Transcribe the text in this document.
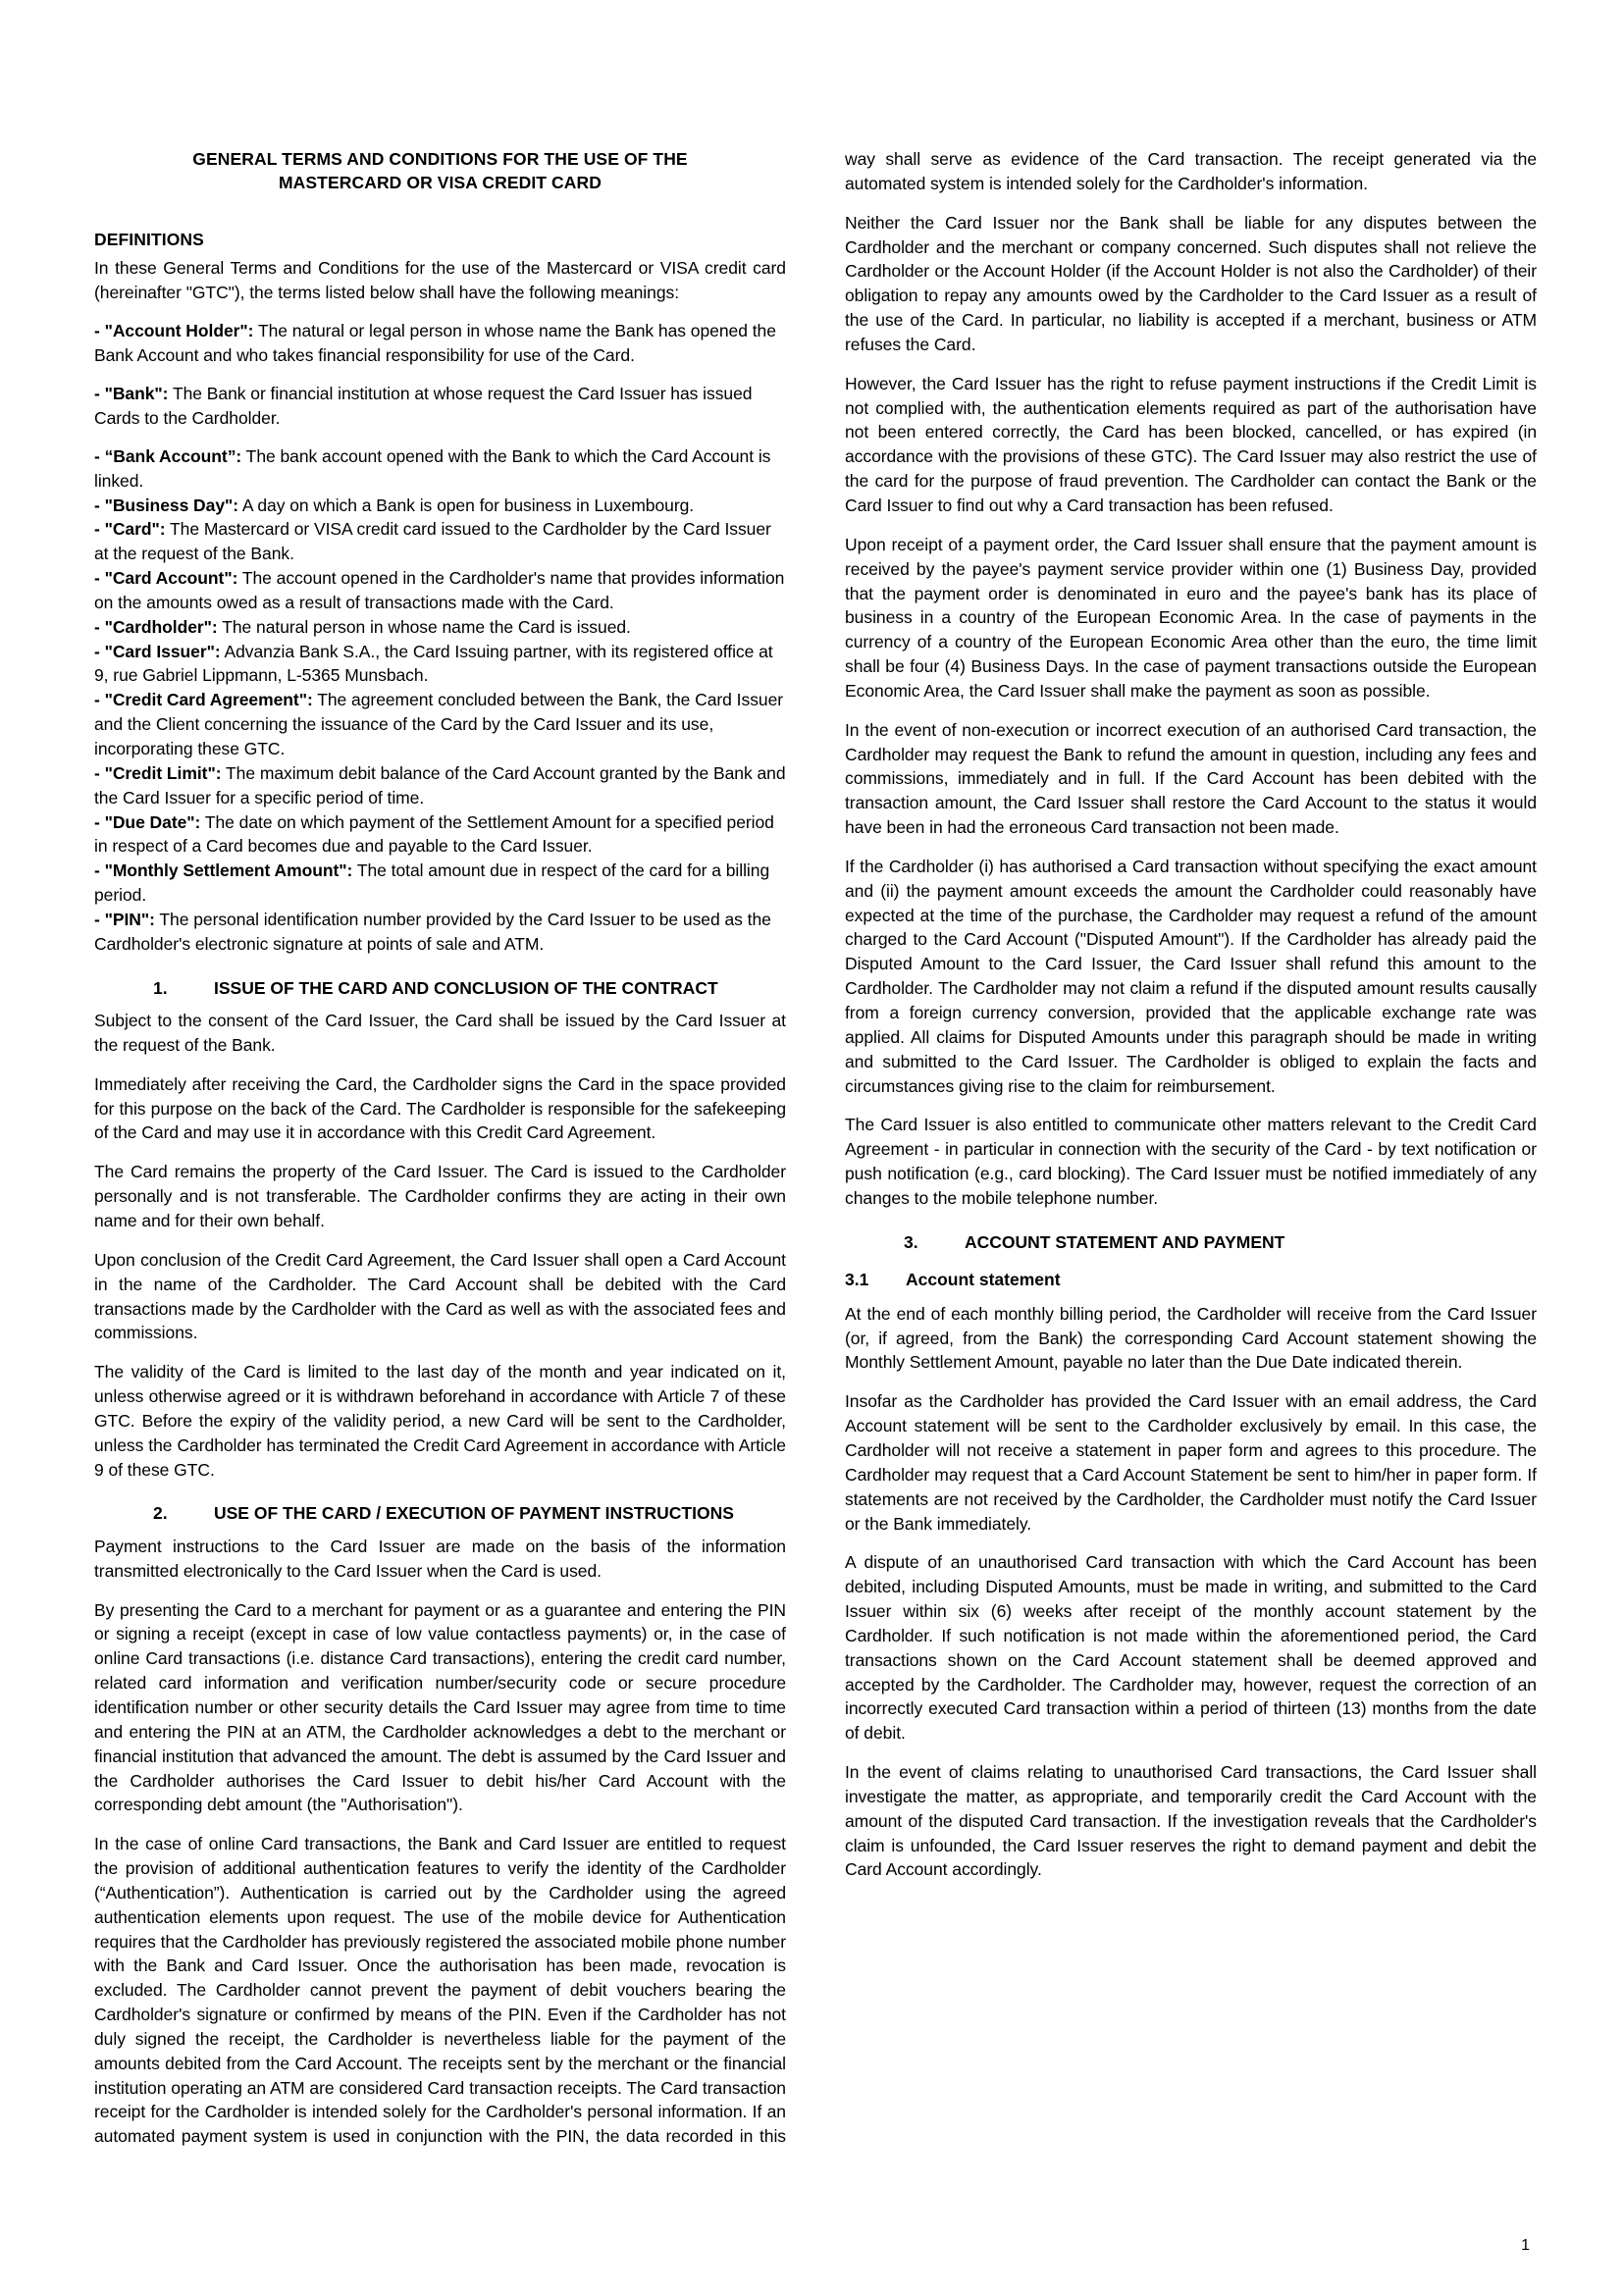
GENERAL TERMS AND CONDITIONS FOR THE USE OF THE
MASTERCARD OR VISA CREDIT CARD
DEFINITIONS

In these General Terms and Conditions for the use of the Mastercard or VISA credit card (hereinafter "GTC"), the terms listed below shall have the following meanings:

- "Account Holder": The natural or legal person in whose name the Bank has opened the Bank Account and who takes financial responsibility for use of the Card.

- "Bank": The Bank or financial institution at whose request the Card Issuer has issued Cards to the Cardholder.

- “Bank Account”: The bank account opened with the Bank to which the Card Account is linked.

- "Business Day": A day on which a Bank is open for business in Luxembourg.

- "Card": The Mastercard or VISA credit card issued to the Cardholder by the Card Issuer at the request of the Bank.

- "Card Account": The account opened in the Cardholder's name that provides information on the amounts owed as a result of transactions made with the Card.

- "Cardholder": The natural person in whose name the Card is issued.

- "Card Issuer": Advanzia Bank S.A., the Card Issuing partner, with its registered office at 9, rue Gabriel Lippmann, L-5365 Munsbach.

- "Credit Card Agreement": The agreement concluded between the Bank, the Card Issuer and the Client concerning the issuance of the Card by the Card Issuer and its use, incorporating these GTC.

- "Credit Limit": The maximum debit balance of the Card Account granted by the Bank and the Card Issuer for a specific period of time.

- "Due Date": The date on which payment of the Settlement Amount for a specified period in respect of a Card becomes due and payable to the Card Issuer.

- "Monthly Settlement Amount": The total amount due in respect of the card for a billing period.

- "PIN": The personal identification number provided by the Card Issuer to be used as the Cardholder's electronic signature at points of sale and ATM.

1.	ISSUE OF THE CARD AND CONCLUSION OF THE CONTRACT

Subject to the consent of the Card Issuer, the Card shall be issued by the Card Issuer at the request of the Bank.

Immediately after receiving the Card, the Cardholder signs the Card in the space provided for this purpose on the back of the Card. The Cardholder is responsible for the safekeeping of the Card and may use it in accordance with this Credit Card Agreement.

The Card remains the property of the Card Issuer. The Card is issued to the Cardholder personally and is not transferable. The Cardholder confirms they are acting in their own name and for their own behalf.

Upon conclusion of the Credit Card Agreement, the Card Issuer shall open a Card Account in the name of the Cardholder. The Card Account shall be debited with the Card transactions made by the Cardholder with the Card as well as with the associated fees and commissions.

The validity of the Card is limited to the last day of the month and year indicated on it, unless otherwise agreed or it is withdrawn beforehand in accordance with Article 7 of these GTC. Before the expiry of the validity period, a new Card will be sent to the Cardholder, unless the Cardholder has terminated the Credit Card Agreement in accordance with Article 9 of these GTC.

2.	USE OF THE CARD / EXECUTION OF PAYMENT INSTRUCTIONS

Payment instructions to the Card Issuer are made on the basis of the information transmitted electronically to the Card Issuer when the Card is used.

By presenting the Card to a merchant for payment or as a guarantee and entering the PIN or signing a receipt (except in case of low value contactless payments) or, in the case of online Card transactions (i.e. distance Card transactions), entering the credit card number, related card information and verification number/security code or secure procedure identification number or other security details the Card Issuer may agree from time to time and entering the PIN at an ATM, the Cardholder acknowledges a debt to the merchant or financial institution that advanced the amount. The debt is assumed by the Card Issuer and the Cardholder authorises the Card Issuer to debit his/her Card Account with the corresponding debt amount (the "Authorisation").

In the case of online Card transactions, the Bank and Card Issuer are entitled to request the provision of additional authentication features to verify the identity of the Cardholder (“Authentication”). Authentication is carried out by the Cardholder using the agreed authentication elements upon request. The use of the mobile device for Authentication requires that the Cardholder has previously registered the associated mobile phone number with the Bank and Card Issuer. Once the authorisation has been made, revocation is excluded. The Cardholder cannot prevent the payment of debit vouchers bearing the Cardholder's signature or confirmed by means of the PIN. Even if the Cardholder has not duly signed the receipt, the Cardholder is nevertheless liable for the payment of the amounts debited from the Card Account. The receipts sent by the merchant or the financial institution operating an ATM are considered Card transaction receipts. The Card transaction receipt for the Cardholder is intended solely for the Cardholder's personal information. If an automated payment system is used in conjunction with the PIN, the data recorded in this way shall serve as evidence of the Card transaction. The receipt generated via the automated system is intended solely for the Cardholder's information.

Neither the Card Issuer nor the Bank shall be liable for any disputes between the Cardholder and the merchant or company concerned. Such disputes shall not relieve the Cardholder or the Account Holder (if the Account Holder is not also the Cardholder) of their obligation to repay any amounts owed by the Cardholder to the Card Issuer as a result of the use of the Card. In particular, no liability is accepted if a merchant, business or ATM refuses the Card.

However, the Card Issuer has the right to refuse payment instructions if the Credit Limit is not complied with, the authentication elements required as part of the authorisation have not been entered correctly, the Card has been blocked, cancelled, or has expired (in accordance with the provisions of these GTC). The Card Issuer may also restrict the use of the card for the purpose of fraud prevention. The Cardholder can contact the Bank or the Card Issuer to find out why a Card transaction has been refused.

Upon receipt of a payment order, the Card Issuer shall ensure that the payment amount is received by the payee's payment service provider within one (1) Business Day, provided that the payment order is denominated in euro and the payee's bank has its place of business in a country of the European Economic Area. In the case of payments in the currency of a country of the European Economic Area other than the euro, the time limit shall be four (4) Business Days. In the case of payment transactions outside the European Economic Area, the Card Issuer shall make the payment as soon as possible.

In the event of non-execution or incorrect execution of an authorised Card transaction, the Cardholder may request the Bank to refund the amount in question, including any fees and commissions, immediately and in full. If the Card Account has been debited with the transaction amount, the Card Issuer shall restore the Card Account to the status it would have been in had the erroneous Card transaction not been made.

If the Cardholder (i) has authorised a Card transaction without specifying the exact amount and (ii) the payment amount exceeds the amount the Cardholder could reasonably have expected at the time of the purchase, the Cardholder may request a refund of the amount charged to the Card Account ("Disputed Amount"). If the Cardholder has already paid the Disputed Amount to the Card Issuer, the Card Issuer shall refund this amount to the Cardholder. The Cardholder may not claim a refund if the disputed amount results causally from a foreign currency conversion, provided that the applicable exchange rate was applied. All claims for Disputed Amounts under this paragraph should be made in writing and submitted to the Card Issuer. The Cardholder is obliged to explain the facts and circumstances giving rise to the claim for reimbursement.

The Card Issuer is also entitled to communicate other matters relevant to the Credit Card Agreement - in particular in connection with the security of the Card - by text notification or push notification (e.g., card blocking). The Card Issuer must be notified immediately of any changes to the mobile telephone number.

3.	ACCOUNT STATEMENT AND PAYMENT
3.1 Account statement

At the end of each monthly billing period, the Cardholder will receive from the Card Issuer (or, if agreed, from the Bank) the corresponding Card Account statement showing the Monthly Settlement Amount, payable no later than the Due Date indicated therein.

Insofar as the Cardholder has provided the Card Issuer with an email address, the Card Account statement will be sent to the Cardholder exclusively by email. In this case, the Cardholder will not receive a statement in paper form and agrees to this procedure. The Cardholder may request that a Card Account Statement be sent to him/her in paper form. If statements are not received by the Cardholder, the Cardholder must notify the Card Issuer or the Bank immediately.

A dispute of an unauthorised Card transaction with which the Card Account has been debited, including Disputed Amounts, must be made in writing, and submitted to the Card Issuer within six (6) weeks after receipt of the monthly account statement by the Cardholder. If such notification is not made within the aforementioned period, the Card transactions shown on the Card Account statement shall be deemed approved and accepted by the Cardholder. The Cardholder may, however, request the correction of an incorrectly executed Card transaction within a period of thirteen (13) months from the date of debit.

In the event of claims relating to unauthorised Card transactions, the Card Issuer shall investigate the matter, as appropriate, and temporarily credit the Card Account with the amount of the disputed Card transaction. If the investigation reveals that the Cardholder's claim is unfounded, the Card Issuer reserves the right to demand payment and debit the Card Account accordingly.

1
